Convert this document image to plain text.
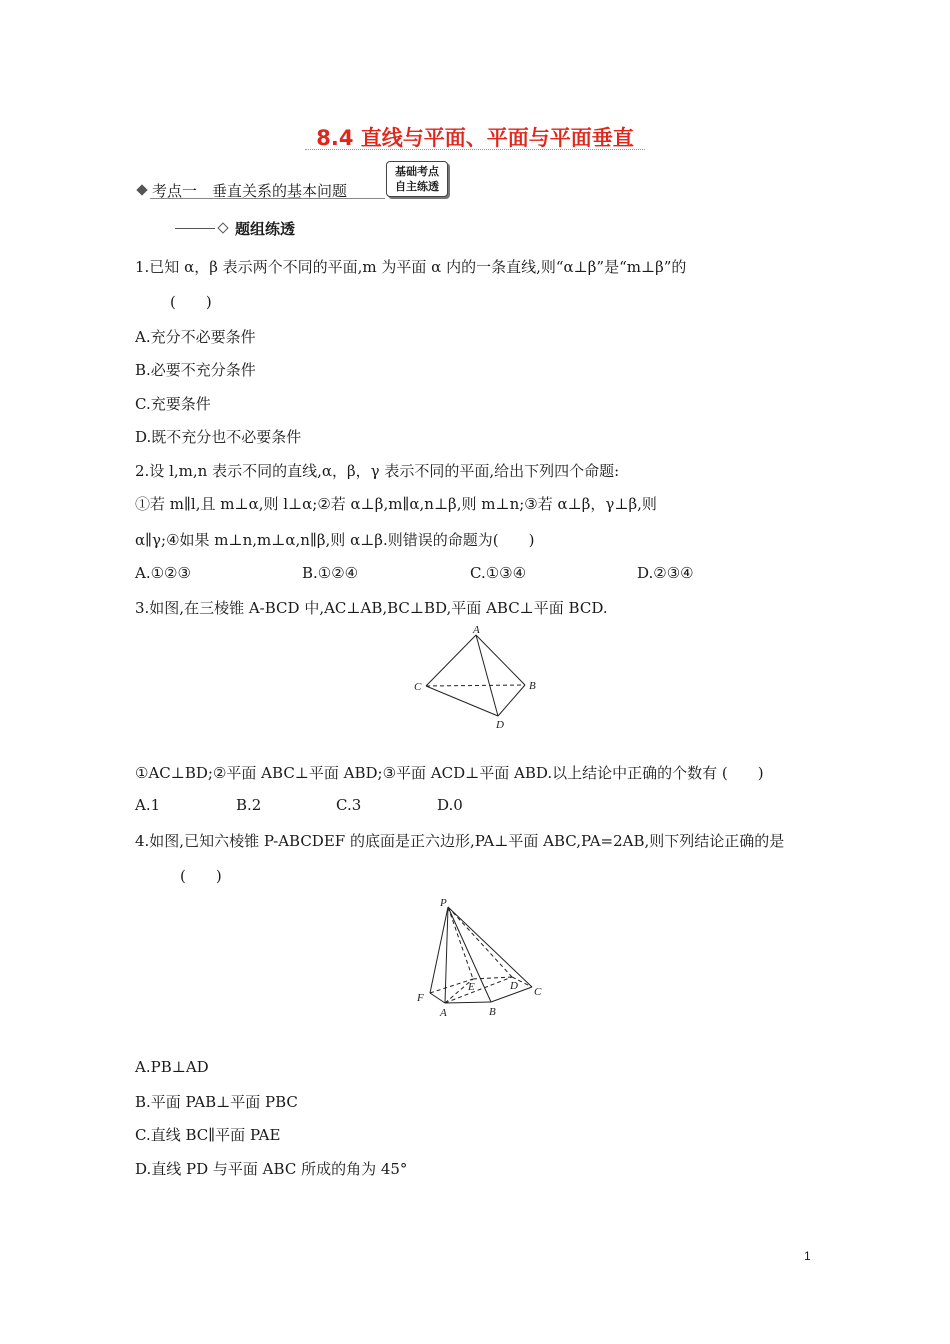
8.4 直线与平面、平面与平面垂直
考点一　垂直关系的基本问题
基础考点
自主练透
题组练透
1.已知 α，β 表示两个不同的平面,m 为平面 α 内的一条直线,则“α⊥β”是“m⊥β”的
(　　)
A.充分不必要条件
B.必要不充分条件
C.充要条件
D.既不充分也不必要条件
2.设 l,m,n 表示不同的直线,α，β，γ 表示不同的平面,给出下列四个命题:
①若 m∥l,且 m⊥α,则 l⊥α;②若 α⊥β,m∥α,n⊥β,则 m⊥n;③若 α⊥β，γ⊥β,则
α∥γ;④如果 m⊥n,m⊥α,n∥β,则 α⊥β.则错误的命题为(　　)
A.①②③	B.①②④	C.①③④	D.②③④
3.如图,在三棱锥 A-BCD 中,AC⊥AB,BC⊥BD,平面 ABC⊥平面 BCD.
A
B
C
D
①AC⊥BD;②平面 ABC⊥平面 ABD;③平面 ACD⊥平面 ABD.以上结论中正确的个数有 (　　)
A.1	B.2	C.3	D.0
4.如图,已知六棱锥 P-ABCDEF 的底面是正六边形,PA⊥平面 ABC,PA=2AB,则下列结论正确的是
(　　)
P
A	B
C
D
E
F
A.PB⊥AD
B.平面 PAB⊥平面 PBC
C.直线 BC∥平面 PAE
D.直线 PD 与平面 ABC 所成的角为 45°
1
